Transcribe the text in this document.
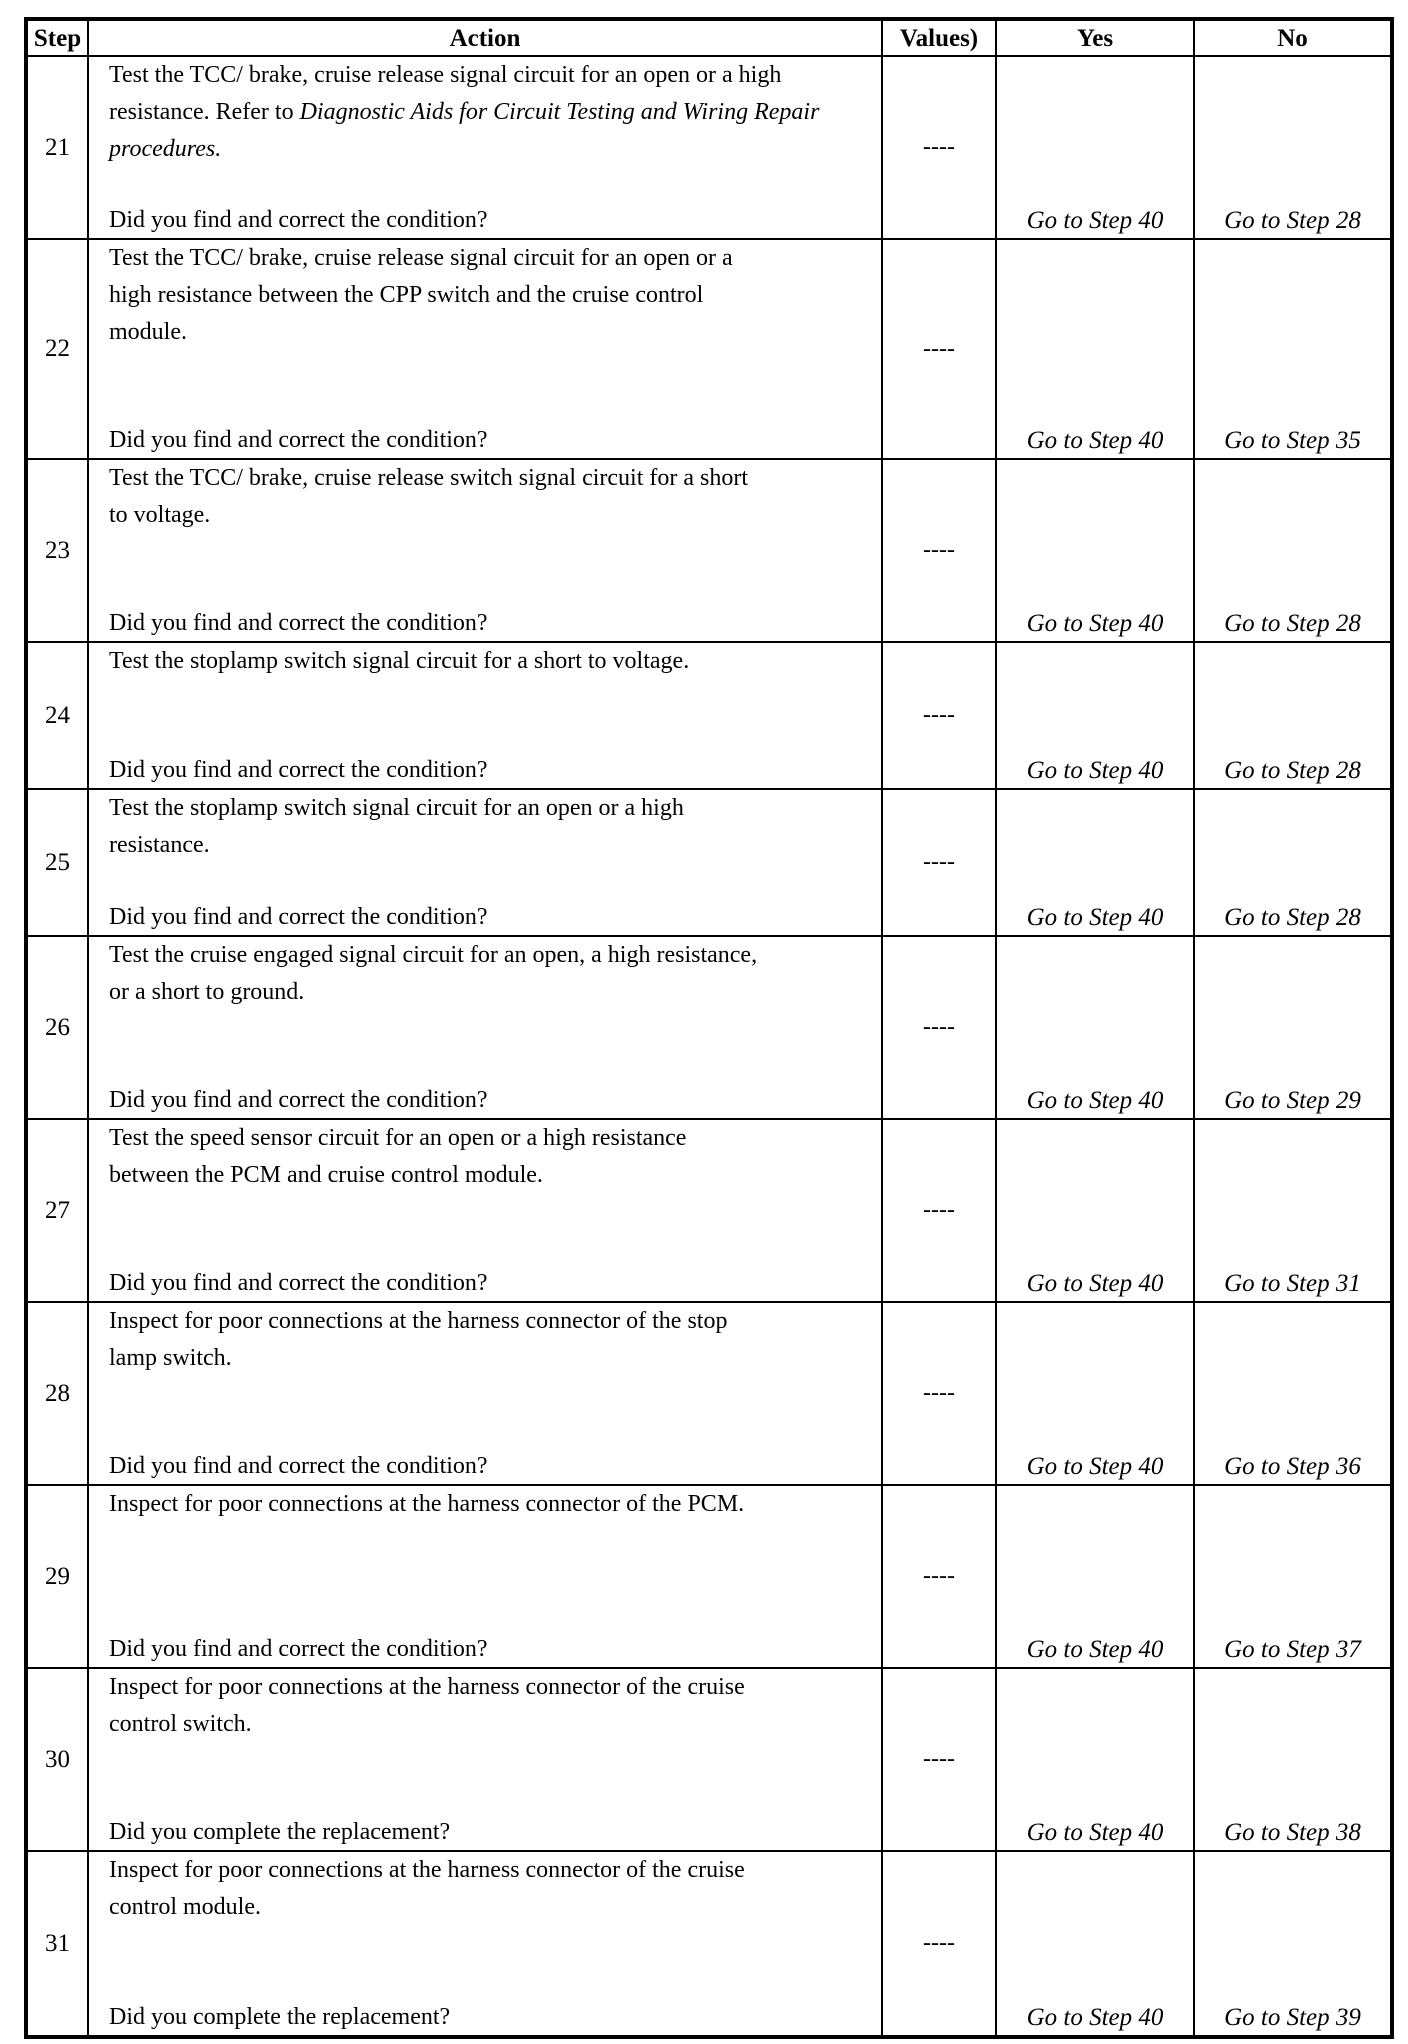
Step	Action	Values)	Yes	No
21	Test the TCC/ brake, cruise release signal circuit for an open or a high resistance. Refer to Diagnostic Aids for Circuit Testing and Wiring Repair procedures.
Did you find and correct the condition?	----	Go to Step 40	Go to Step 28
22	Test the TCC/ brake, cruise release signal circuit for an open or a high resistance between the CPP switch and the cruise control module.
Did you find and correct the condition?	----	Go to Step 40	Go to Step 35
23	Test the TCC/ brake, cruise release switch signal circuit for a short to voltage.
Did you find and correct the condition?	----	Go to Step 40	Go to Step 28
24	Test the stoplamp switch signal circuit for a short to voltage.
Did you find and correct the condition?	----	Go to Step 40	Go to Step 28
25	Test the stoplamp switch signal circuit for an open or a high resistance.
Did you find and correct the condition?	----	Go to Step 40	Go to Step 28
26	Test the cruise engaged signal circuit for an open, a high resistance, or a short to ground.
Did you find and correct the condition?	----	Go to Step 40	Go to Step 29
27	Test the speed sensor circuit for an open or a high resistance between the PCM and cruise control module.
Did you find and correct the condition?	----	Go to Step 40	Go to Step 31
28	Inspect for poor connections at the harness connector of the stop lamp switch.
Did you find and correct the condition?	----	Go to Step 40	Go to Step 36
29	Inspect for poor connections at the harness connector of the PCM.
Did you find and correct the condition?	----	Go to Step 40	Go to Step 37
30	Inspect for poor connections at the harness connector of the cruise control switch.
Did you complete the replacement?	----	Go to Step 40	Go to Step 38
31	Inspect for poor connections at the harness connector of the cruise control module.
Did you complete the replacement?	----	Go to Step 40	Go to Step 39
